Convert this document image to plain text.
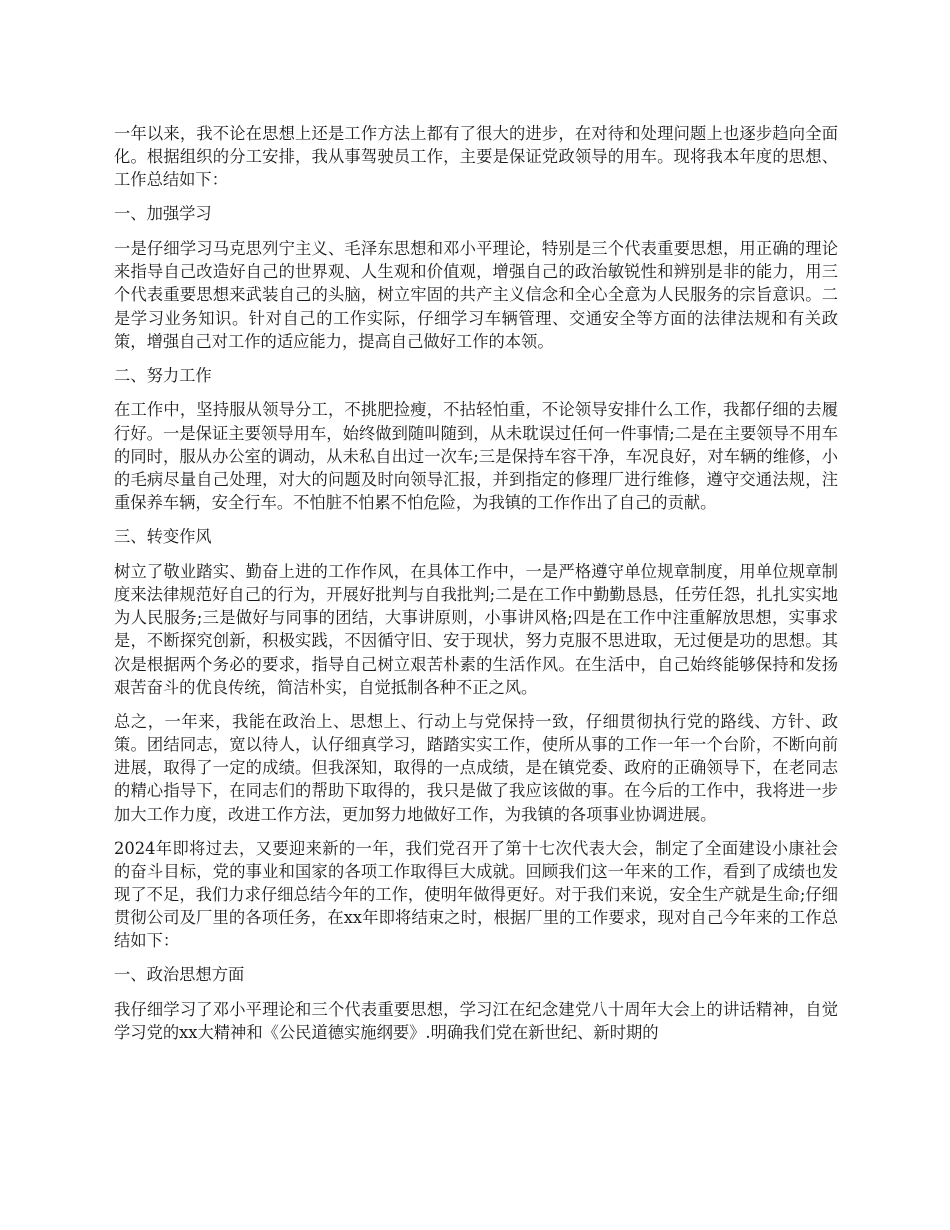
一年以来，我不论在思想上还是工作方法上都有了很大的进步，在对待和处理问题上也逐步趋向全面化。根据组织的分工安排，我从事驾驶员工作，主要是保证党政领导的用车。现将我本年度的思想、工作总结如下：

一、加强学习

一是仔细学习马克思列宁主义、毛泽东思想和邓小平理论，特别是三个代表重要思想，用正确的理论来指导自己改造好自己的世界观、人生观和价值观，增强自己的政治敏锐性和辨别是非的能力，用三个代表重要思想来武装自己的头脑，树立牢固的共产主义信念和全心全意为人民服务的宗旨意识。二是学习业务知识。针对自己的工作实际，仔细学习车辆管理、交通安全等方面的法律法规和有关政策，增强自己对工作的适应能力，提高自己做好工作的本领。

二、努力工作

在工作中，坚持服从领导分工，不挑肥捡瘦，不拈轻怕重，不论领导安排什么工作，我都仔细的去履行好。一是保证主要领导用车，始终做到随叫随到，从未耽误过任何一件事情;二是在主要领导不用车的同时，服从办公室的调动，从未私自出过一次车;三是保持车容干净，车况良好，对车辆的维修，小的毛病尽量自己处理，对大的问题及时向领导汇报，并到指定的修理厂进行维修，遵守交通法规，注重保养车辆，安全行车。不怕脏不怕累不怕危险，为我镇的工作作出了自己的贡献。

三、转变作风

树立了敬业踏实、勤奋上进的工作作风，在具体工作中，一是严格遵守单位规章制度，用单位规章制度来法律规范好自己的行为，开展好批判与自我批判;二是在工作中勤勤恳恳，任劳任怨，扎扎实实地为人民服务;三是做好与同事的团结，大事讲原则，小事讲风格;四是在工作中注重解放思想，实事求是，不断探究创新，积极实践，不因循守旧、安于现状，努力克服不思进取，无过便是功的思想。其次是根据两个务必的要求，指导自己树立艰苦朴素的生活作风。在生活中，自己始终能够保持和发扬艰苦奋斗的优良传统，简洁朴实，自觉抵制各种不正之风。

总之，一年来，我能在政治上、思想上、行动上与党保持一致，仔细贯彻执行党的路线、方针、政策。团结同志，宽以待人，认仔细真学习，踏踏实实工作，使所从事的工作一年一个台阶，不断向前进展，取得了一定的成绩。但我深知，取得的一点成绩，是在镇党委、政府的正确领导下，在老同志的精心指导下，在同志们的帮助下取得的，我只是做了我应该做的事。在今后的工作中，我将进一步加大工作力度，改进工作方法，更加努力地做好工作，为我镇的各项事业协调进展。

2024年即将过去，又要迎来新的一年，我们党召开了第十七次代表大会，制定了全面建设小康社会的奋斗目标，党的事业和国家的各项工作取得巨大成就。回顾我们这一年来的工作，看到了成绩也发现了不足，我们力求仔细总结今年的工作，使明年做得更好。对于我们来说，安全生产就是生命;仔细贯彻公司及厂里的各项任务，在xx年即将结束之时，根据厂里的工作要求，现对自己今年来的工作总结如下：

一、政治思想方面

我仔细学习了邓小平理论和三个代表重要思想，学习江在纪念建党八十周年大会上的讲话精神，自觉学习党的xx大精神和《公民道德实施纲要》.明确我们党在新世纪、新时期的
